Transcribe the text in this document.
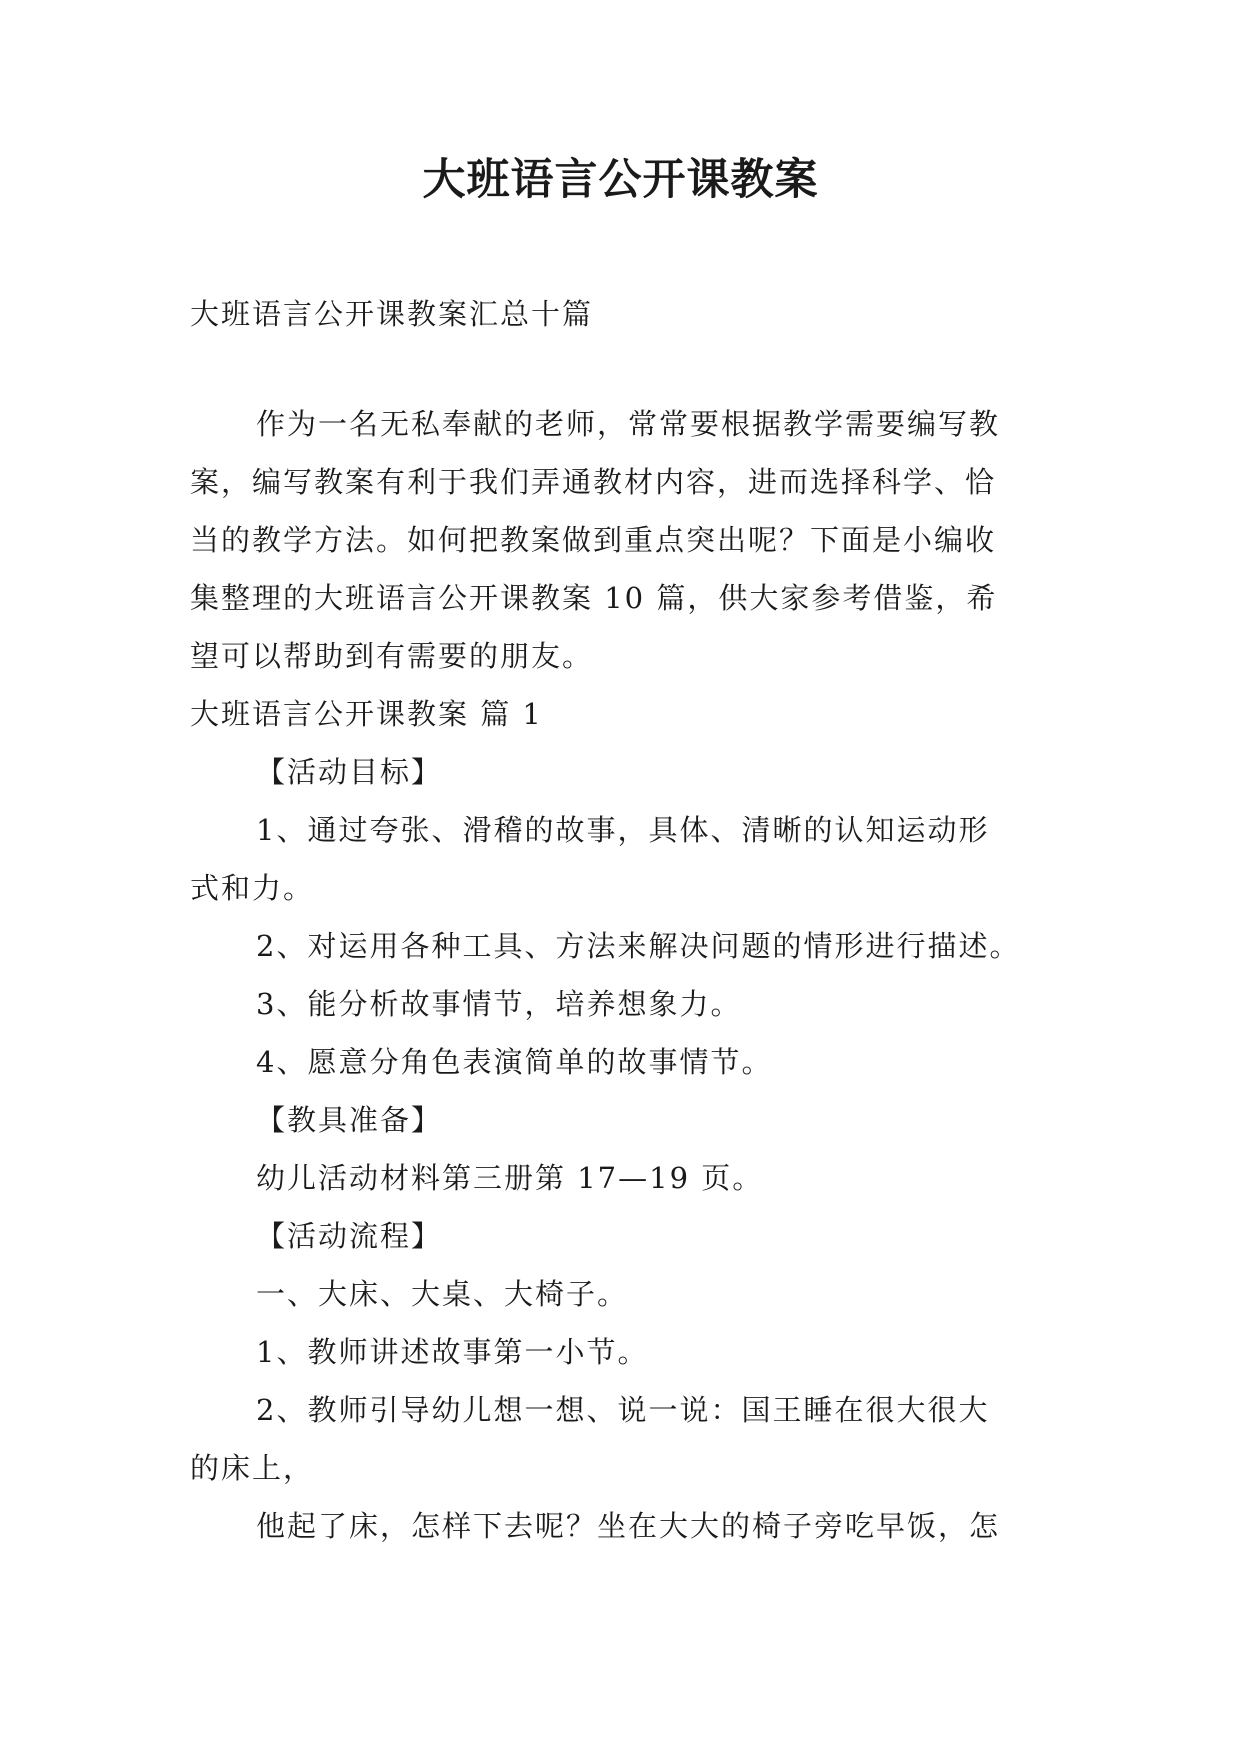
大班语言公开课教案
大班语言公开课教案汇总十篇
作为一名无私奉献的老师，常常要根据教学需要编写教
案，编写教案有利于我们弄通教材内容，进而选择科学、恰
当的教学方法。如何把教案做到重点突出呢？下面是小编收
集整理的大班语言公开课教案 10 篇，供大家参考借鉴，希
望可以帮助到有需要的朋友。
大班语言公开课教案 篇 1
【活动目标】
1、通过夸张、滑稽的故事，具体、清晰的认知运动形
式和力。
2、对运用各种工具、方法来解决问题的情形进行描述。
3、能分析故事情节，培养想象力。
4、愿意分角色表演简单的故事情节。
【教具准备】
幼儿活动材料第三册第 17—19 页。
【活动流程】
一、大床、大桌、大椅子。
1、教师讲述故事第一小节。
2、教师引导幼儿想一想、说一说：国王睡在很大很大
的床上，
他起了床，怎样下去呢？坐在大大的椅子旁吃早饭，怎
